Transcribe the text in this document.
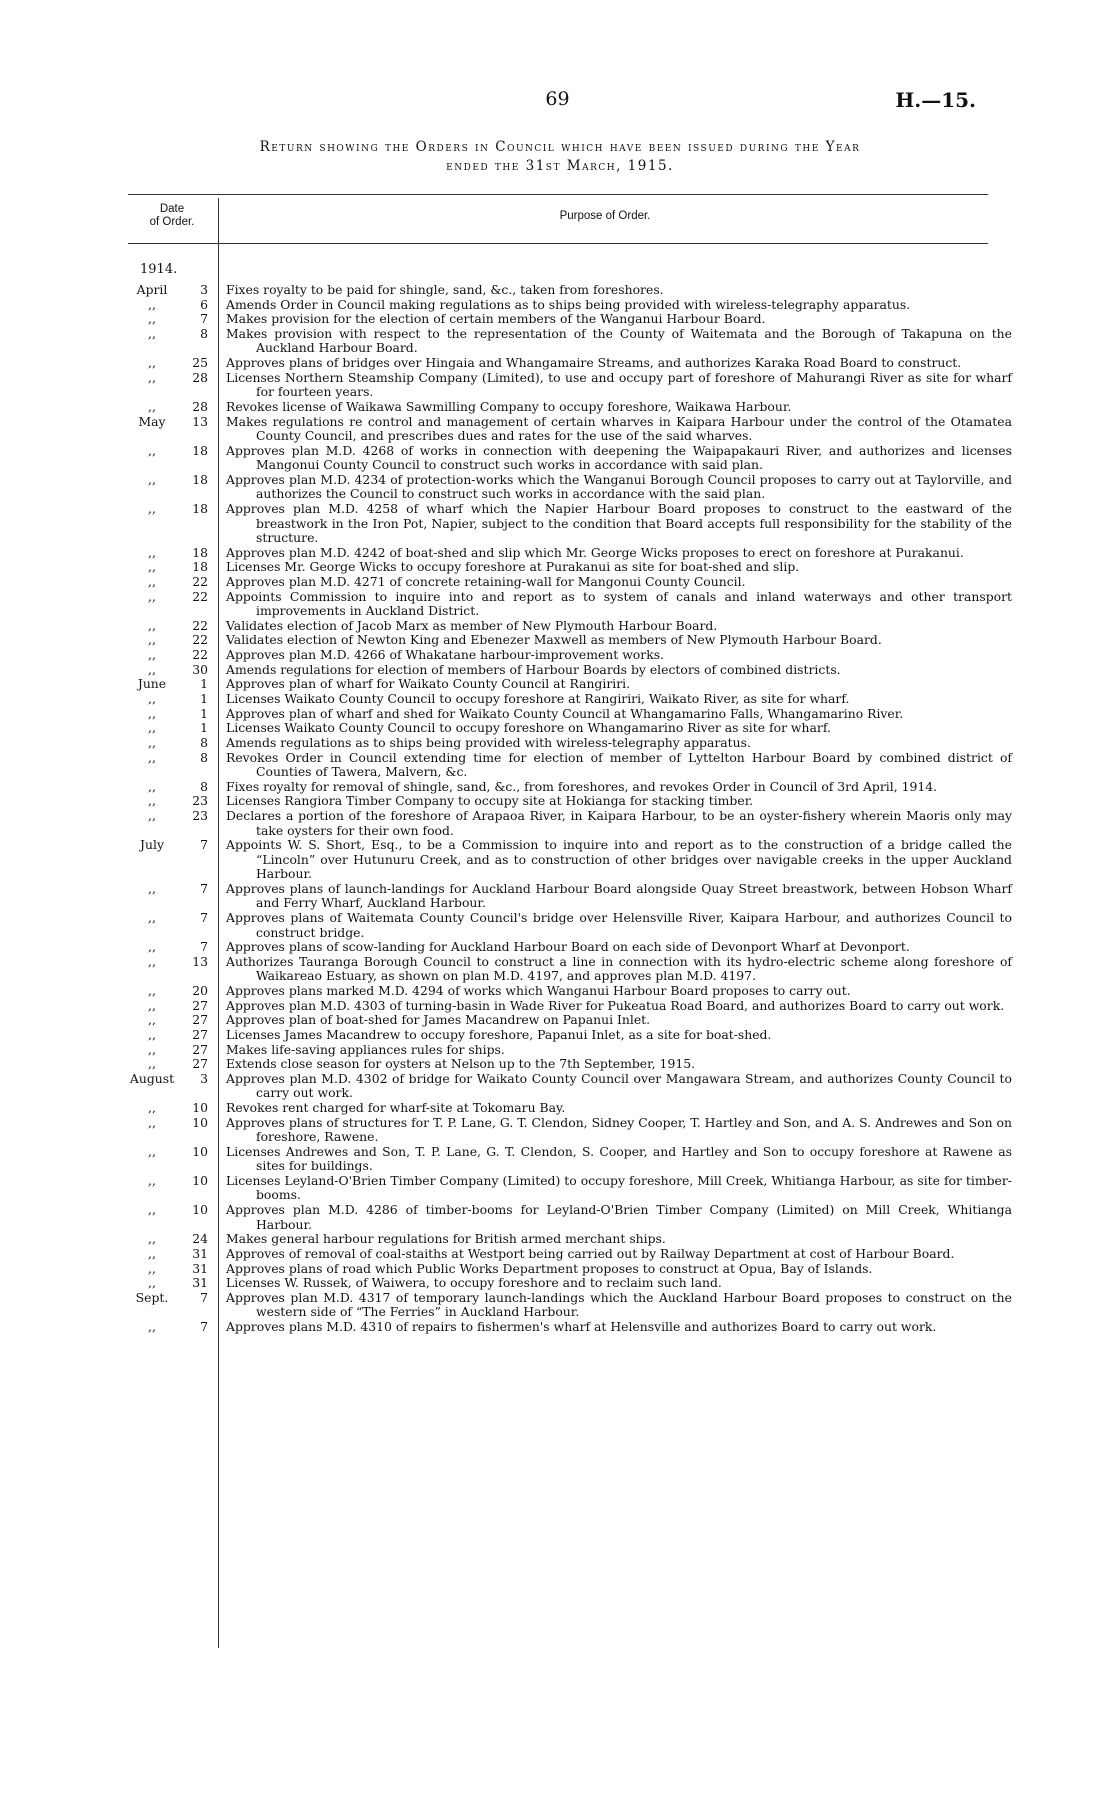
69	H.—15.
Return showing the Orders in Council which have been issued during the Year
ended the 31st March, 1915.
Date
of Order.	Purpose of Order.
1914.
April	3 Fixes royalty to be paid for shingle, sand, &c., taken from foreshores.
,,	6 Amends Order in Council making regulations as to ships being provided with wireless-telegraphy apparatus.
,,	7 Makes provision for the election of certain members of the Wanganui Harbour Board.
,,	8 Makes provision with respect to the representation of the County of Waitemata and the Borough of Takapuna on the Auckland Harbour Board.
,,	25 Approves plans of bridges over Hingaia and Whangamaire Streams, and authorizes Karaka Road Board to construct.
,,	28 Licenses Northern Steamship Company (Limited), to use and occupy part of foreshore of Mahurangi River as site for wharf for fourteen years.
,,	28 Revokes license of Waikawa Sawmilling Company to occupy foreshore, Waikawa Harbour.
May	13 Makes regulations re control and management of certain wharves in Kaipara Harbour under the control of the Otamatea County Council, and prescribes dues and rates for the use of the said wharves.
,,	18 Approves plan M.D. 4268 of works in connection with deepening the Waipapakauri River, and authorizes and licenses Mangonui County Council to construct such works in accordance with said plan.
,,	18 Approves plan M.D. 4234 of protection-works which the Wanganui Borough Council proposes to carry out at Taylorville, and authorizes the Council to construct such works in accordance with the said plan.
,,	18 Approves plan M.D. 4258 of wharf which the Napier Harbour Board proposes to construct to the eastward of the breastwork in the Iron Pot, Napier, subject to the condition that Board accepts full responsibility for the stability of the structure.
,,	18 Approves plan M.D. 4242 of boat-shed and slip which Mr. George Wicks proposes to erect on foreshore at Purakanui.
,,	18 Licenses Mr. George Wicks to occupy foreshore at Purakanui as site for boat-shed and slip.
,,	22 Approves plan M.D. 4271 of concrete retaining-wall for Mangonui County Council.
,,	22 Appoints Commission to inquire into and report as to system of canals and inland waterways and other transport improvements in Auckland District.
,,	22 Validates election of Jacob Marx as member of New Plymouth Harbour Board.
,,	22 Validates election of Newton King and Ebenezer Maxwell as members of New Plymouth Harbour Board.
,,	22 Approves plan M.D. 4266 of Whakatane harbour-improvement works.
,,	30 Amends regulations for election of members of Harbour Boards by electors of combined districts.
June	1 Approves plan of wharf for Waikato County Council at Rangiriri.
,,	1 Licenses Waikato County Council to occupy foreshore at Rangiriri, Waikato River, as site for wharf.
,,	1 Approves plan of wharf and shed for Waikato County Council at Whangamarino Falls, Whangamarino River.
,,	1 Licenses Waikato County Council to occupy foreshore on Whangamarino River as site for wharf.
,,	8 Amends regulations as to ships being provided with wireless-telegraphy apparatus.
,,	8 Revokes Order in Council extending time for election of member of Lyttelton Harbour Board by combined district of Counties of Tawera, Malvern, &c.
,,	8 Fixes royalty for removal of shingle, sand, &c., from foreshores, and revokes Order in Council of 3rd April, 1914.
,,	23 Licenses Rangiora Timber Company to occupy site at Hokianga for stacking timber.
,,	23 Declares a portion of the foreshore of Arapaoa River, in Kaipara Harbour, to be an oyster-fishery wherein Maoris only may take oysters for their own food.
July	7 Appoints W. S. Short, Esq., to be a Commission to inquire into and report as to the construction of a bridge called the “Lincoln” over Hutunuru Creek, and as to construction of other bridges over navigable creeks in the upper Auckland Harbour.
,,	7 Approves plans of launch-landings for Auckland Harbour Board alongside Quay Street breastwork, between Hobson Wharf and Ferry Wharf, Auckland Harbour.
,,	7 Approves plans of Waitemata County Council's bridge over Helensville River, Kaipara Harbour, and authorizes Council to construct bridge.
,,	7 Approves plans of scow-landing for Auckland Harbour Board on each side of Devonport Wharf at Devonport.
,,	13 Authorizes Tauranga Borough Council to construct a line in connection with its hydro-electric scheme along foreshore of Waikareao Estuary, as shown on plan M.D. 4197, and approves plan M.D. 4197.
,,	20 Approves plans marked M.D. 4294 of works which Wanganui Harbour Board proposes to carry out.
,,	27 Approves plan M.D. 4303 of turning-basin in Wade River for Pukeatua Road Board, and authorizes Board to carry out work.
,,	27 Approves plan of boat-shed for James Macandrew on Papanui Inlet.
,,	27 Licenses James Macandrew to occupy foreshore, Papanui Inlet, as a site for boat-shed.
,,	27 Makes life-saving appliances rules for ships.
,,	27 Extends close season for oysters at Nelson up to the 7th September, 1915.
August	3 Approves plan M.D. 4302 of bridge for Waikato County Council over Mangawara Stream, and authorizes County Council to carry out work.
,,	10 Revokes rent charged for wharf-site at Tokomaru Bay.
,,	10 Approves plans of structures for T. P. Lane, G. T. Clendon, Sidney Cooper, T. Hartley and Son, and A. S. Andrewes and Son on foreshore, Rawene.
,,	10 Licenses Andrewes and Son, T. P. Lane, G. T. Clendon, S. Cooper, and Hartley and Son to occupy foreshore at Rawene as sites for buildings.
,,	10 Licenses Leyland-O'Brien Timber Company (Limited) to occupy foreshore, Mill Creek, Whitianga Harbour, as site for timber-booms.
,,	10 Approves plan M.D. 4286 of timber-booms for Leyland-O'Brien Timber Company (Limited) on Mill Creek, Whitianga Harbour.
,,	24 Makes general harbour regulations for British armed merchant ships.
,,	31 Approves of removal of coal-staiths at Westport being carried out by Railway Department at cost of Harbour Board.
,,	31 Approves plans of road which Public Works Department proposes to construct at Opua, Bay of Islands.
,,	31 Licenses W. Russek, of Waiwera, to occupy foreshore and to reclaim such land.
Sept.	7 Approves plan M.D. 4317 of temporary launch-landings which the Auckland Harbour Board proposes to construct on the western side of “The Ferries” in Auckland Harbour.
,,	7 Approves plans M.D. 4310 of repairs to fishermen's wharf at Helensville and authorizes Board to carry out work.
